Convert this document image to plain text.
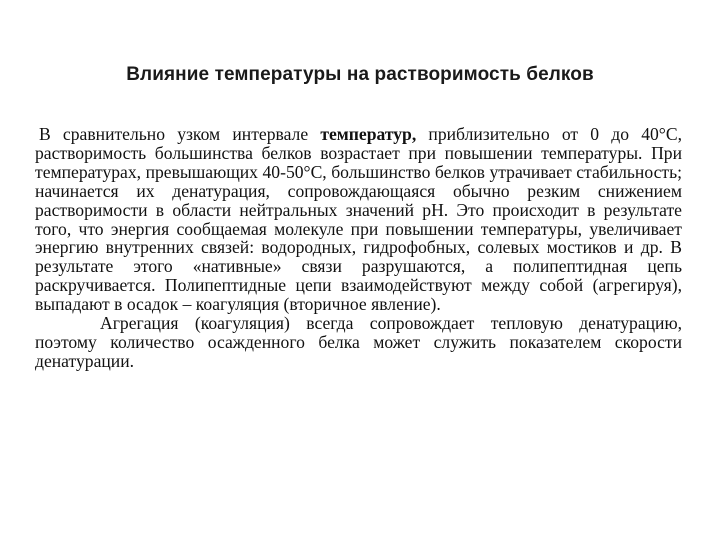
Влияние температуры на растворимость белков

В сравнительно узком интервале температур, приблизительно от 0 до 40°С, растворимость большинства белков возрастает при повышении температуры. При температурах, превышающих 40-50°С, большинство белков утрачивает стабильность; начинается их денатурация, сопровождающаяся обычно резким снижением растворимости в области нейтральных значений рН. Это происходит в результате того, что энергия сообщаемая молекуле при повышении температуры, увеличивает энергию внутренних связей: водородных, гидрофобных, солевых мостиков и др. В результате этого «нативные» связи разрушаются, а полипептидная цепь раскручивается. Полипептидные цепи взаимодействуют между собой (агрегируя), выпадают в осадок – коагуляция (вторичное явление).

Агрегация (коагуляция) всегда сопровождает тепловую денатурацию, поэтому количество осажденного белка может служить показателем скорости денатурации.
